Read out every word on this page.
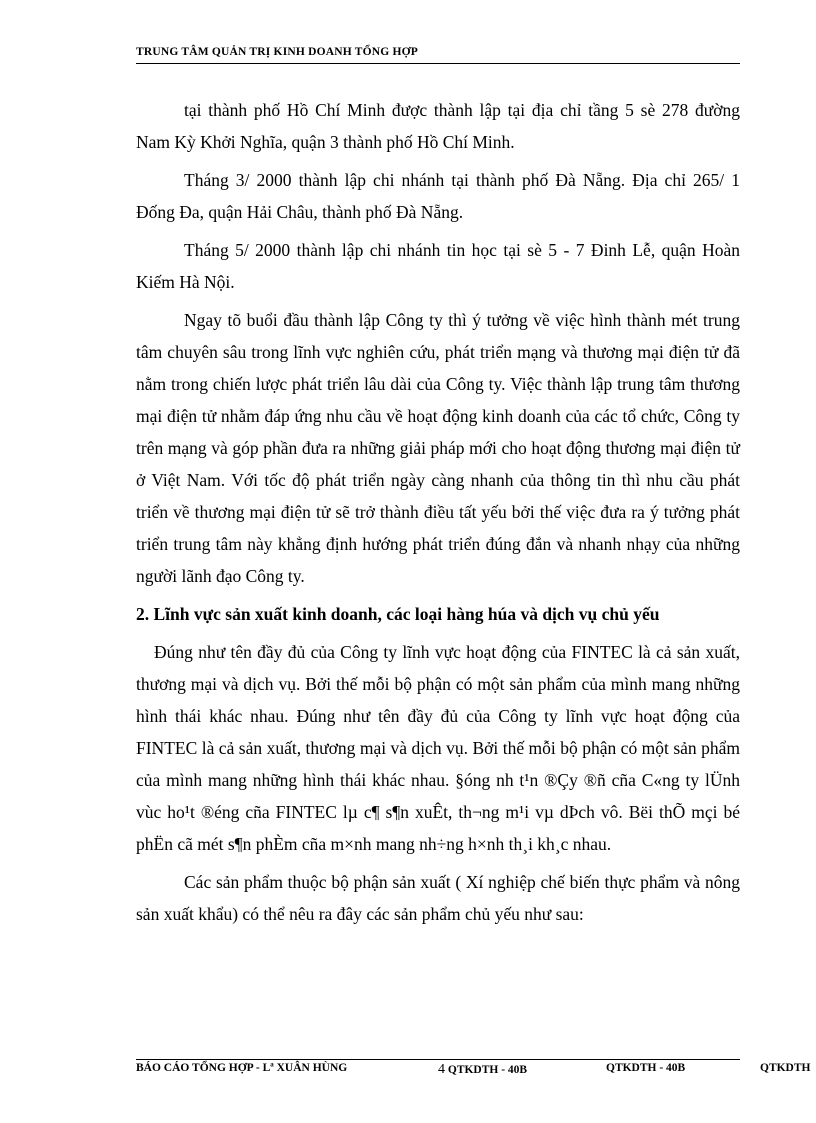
TRUNG TÂM QUẢN TRỊ KINH DOANH TỔNG HỢP

tại thành phố Hồ Chí Minh được thành lập tại địa chỉ tầng 5 sè 278 đường Nam Kỳ Khởi Nghĩa, quận 3 thành phố Hồ Chí Minh.

Tháng 3/ 2000 thành lập chi nhánh tại thành phố Đà Nẵng. Địa chỉ 265/ 1 Đống Đa, quận Hải Châu, thành phố Đà Nẵng.

Tháng 5/ 2000 thành lập chi nhánh tin học tại sè 5 - 7 Đinh Lễ, quận Hoàn Kiếm Hà Nội.

Ngay tõ buổi đầu thành lập Công ty thì ý tưởng về việc hình thành mét trung tâm chuyên sâu trong lĩnh vực nghiên cứu, phát triển mạng và thương mại điện tử đã nằm trong chiến lược phát triển lâu dài của Công ty. Việc thành lập trung tâm thương mại điện tử nhằm đáp ứng nhu cầu về hoạt động kinh doanh của các tổ chức, Công ty trên mạng và góp phần đưa ra những giải pháp mới cho hoạt động thương mại điện tử ở Việt Nam. Với tốc độ phát triển ngày càng nhanh của thông tin thì nhu cầu phát triển về thương mại điện tử sẽ trở thành điều tất yếu bởi thế việc đưa ra ý tưởng phát triển trung tâm này khẳng định hướng phát triển đúng đắn và nhanh nhạy của những người lãnh đạo Công ty.

2. Lĩnh vực sản xuất kinh doanh, các loại hàng húa và dịch vụ chủ yếu

Đúng như tên đầy đủ của Công ty lĩnh vực hoạt động của FINTEC là cả sản xuất, thương mại và dịch vụ. Bởi thế mỗi bộ phận có một sản phẩm của mình mang những hình thái khác nhau. Đúng như tên đầy đủ của Công ty lĩnh vực hoạt động của FINTEC là cả sản xuất, thương mại và dịch vụ. Bởi thế mỗi bộ phận có một sản phẩm của mình mang những hình thái khác nhau. §óng nh t¹n ®Çy ®ñ cña C«ng ty lÜnh vùc ho¹t ®éng cña FINTEC lµ c¶ s¶n xuÊt, th¬ng m¹i vµ dÞch vô. Bëi thÕ mçi bé phËn cã mét s¶n phÈm cña m×nh mang nh÷ng h×nh th¸i kh¸c nhau.

Các sản phẩm thuộc bộ phận sản xuất ( Xí nghiệp chế biến thực phẩm và nông sản xuất khẩu) có thể nêu ra đây các sản phẩm chủ yếu như sau:

BÁO CÁO TỔNG HỢP - Lª XUÂN HÙNG	4 QTKDTH - 40B	QTKDTH - 40B	QTKDTH
